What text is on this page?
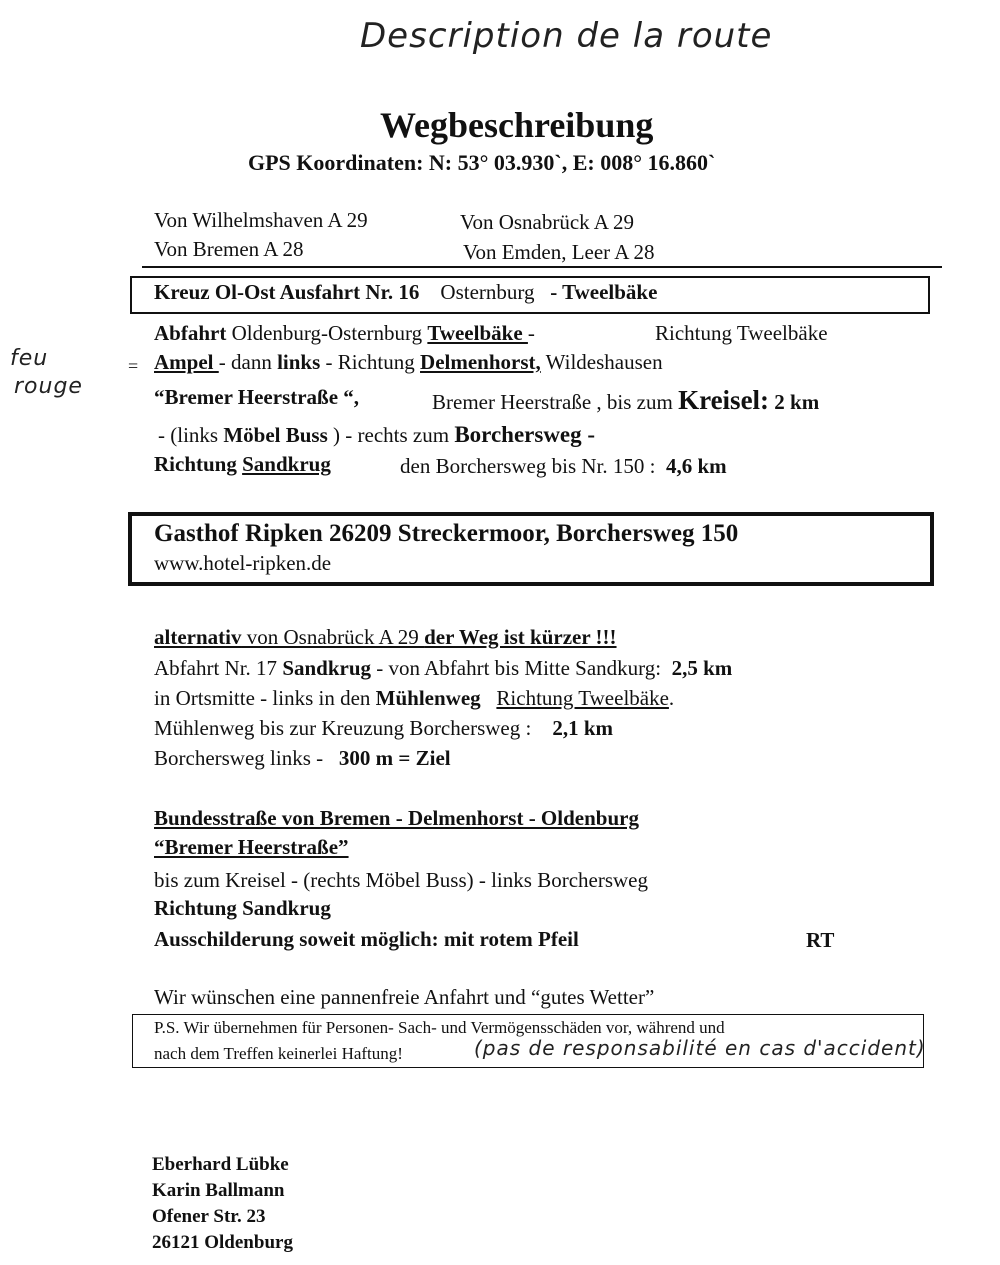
Description de la route
Wegbeschreibung
GPS Koordinaten: N: 53° 03.930`, E: 008° 16.860`
Von Wilhelmshaven A 29	Von Osnabrück A 29
Von Bremen A 28	Von Emden, Leer A 28
Kreuz Ol-Ost Ausfahrt Nr. 16 Osternburg - Tweelbäke
feu
rouge
=
Abfahrt Oldenburg-Osternburg Tweelbäke -	Richtung Tweelbäke
Ampel - dann links - Richtung Delmenhorst, Wildeshausen
“Bremer Heerstraße “,	Bremer Heerstraße , bis zum Kreisel: 2 km
- (links Möbel Buss ) - rechts zum Borchersweg -
Richtung Sandkrug	den Borchersweg bis Nr. 150 : 4,6 km
Gasthof Ripken 26209 Streckermoor, Borchersweg 150
www.hotel-ripken.de
alternativ von Osnabrück A 29 der Weg ist kürzer !!!
Abfahrt Nr. 17 Sandkrug - von Abfahrt bis Mitte Sandkurg: 2,5 km
in Ortsmitte - links in den Mühlenweg Richtung Tweelbäke.
Mühlenweg bis zur Kreuzung Borchersweg : 2,1 km
Borchersweg links - 300 m = Ziel
Bundesstraße von Bremen - Delmenhorst - Oldenburg
“Bremer Heerstraße”
bis zum Kreisel - (rechts Möbel Buss) - links Borchersweg
Richtung Sandkrug
Ausschilderung soweit möglich: mit rotem Pfeil	RT
Wir wünschen eine pannenfreie Anfahrt und “gutes Wetter”
P.S. Wir übernehmen für Personen- Sach- und Vermögensschäden vor, während und
nach dem Treffen keinerlei Haftung!	(pas de responsabilité en cas d'accident)
Eberhard Lübke
Karin Ballmann
Ofener Str. 23
26121 Oldenburg
